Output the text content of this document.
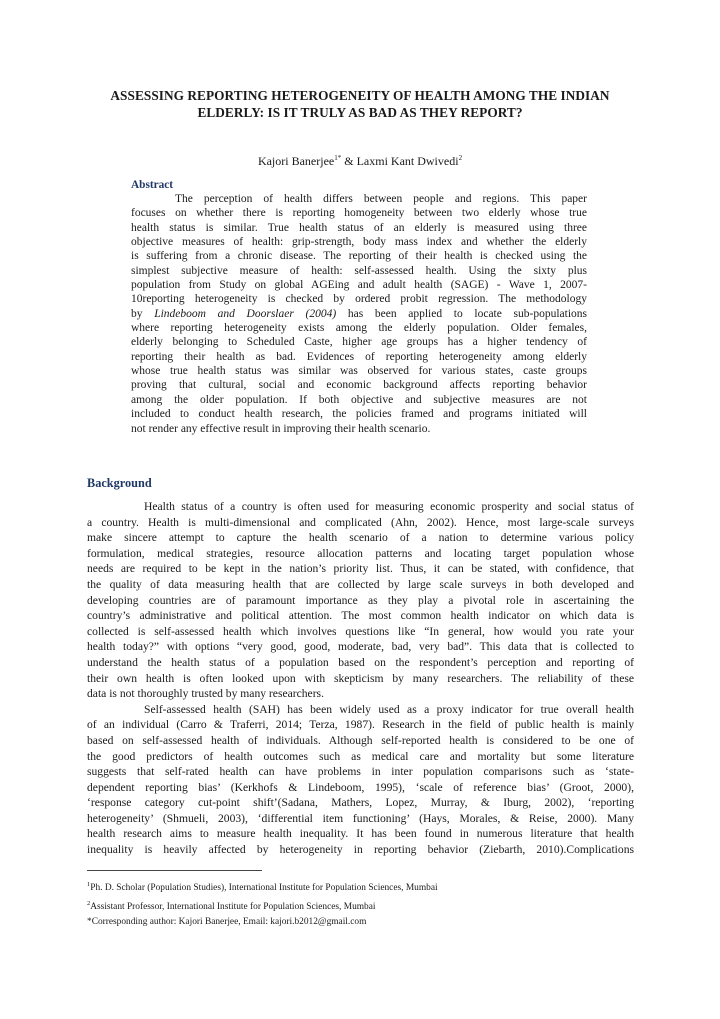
ASSESSING REPORTING HETEROGENEITY OF HEALTH AMONG THE INDIAN
ELDERLY: IS IT TRULY AS BAD AS THEY REPORT?
Kajori Banerjee$^{1*}$ & Laxmi Kant Dwivedi$^2$
Abstract
The perception of health differs between people and regions. This paper
focuses on whether there is reporting homogeneity between two elderly whose true
health status is similar. True health status of an elderly is measured using three
objective measures of health: grip-strength, body mass index and whether the elderly
is suffering from a chronic disease. The reporting of their health is checked using the
simplest subjective measure of health: self-assessed health. Using the sixty plus
population from Study on global AGEing and adult health (SAGE) - Wave 1, 2007-
10reporting heterogeneity is checked by ordered probit regression. The methodology
by Lindeboom and Doorslaer (2004) has been applied to locate sub-populations
where reporting heterogeneity exists among the elderly population. Older females,
elderly belonging to Scheduled Caste, higher age groups has a higher tendency of
reporting their health as bad. Evidences of reporting heterogeneity among elderly
whose true health status was similar was observed for various states, caste groups
proving that cultural, social and economic background affects reporting behavior
among the older population. If both objective and subjective measures are not
included to conduct health research, the policies framed and programs initiated will
not render any effective result in improving their health scenario.
Background
Health status of a country is often used for measuring economic prosperity and social status of
a country. Health is multi-dimensional and complicated (Ahn, 2002). Hence, most large-scale surveys
make sincere attempt to capture the health scenario of a nation to determine various policy
formulation, medical strategies, resource allocation patterns and locating target population whose
needs are required to be kept in the nation’s priority list. Thus, it can be stated, with confidence, that
the quality of data measuring health that are collected by large scale surveys in both developed and
developing countries are of paramount importance as they play a pivotal role in ascertaining the
country’s administrative and political attention. The most common health indicator on which data is
collected is self-assessed health which involves questions like “In general, how would you rate your
health today?” with options “very good, good, moderate, bad, very bad”. This data that is collected to
understand the health status of a population based on the respondent’s perception and reporting of
their own health is often looked upon with skepticism by many researchers. The reliability of these
data is not thoroughly trusted by many researchers.
Self-assessed health (SAH) has been widely used as a proxy indicator for true overall health
of an individual (Carro & Traferri, 2014; Terza, 1987). Research in the field of public health is mainly
based on self-assessed health of individuals. Although self-reported health is considered to be one of
the good predictors of health outcomes such as medical care and mortality but some literature
suggests that self-rated health can have problems in inter population comparisons such as ‘state-
dependent reporting bias’ (Kerkhofs & Lindeboom, 1995), ‘scale of reference bias’ (Groot, 2000),
‘response category cut-point shift’(Sadana, Mathers, Lopez, Murray, & Iburg, 2002), ‘reporting
heterogeneity’ (Shmueli, 2003), ‘differential item functioning’ (Hays, Morales, & Reise, 2000). Many
health research aims to measure health inequality. It has been found in numerous literature that health
inequality is heavily affected by heterogeneity in reporting behavior (Ziebarth, 2010).Complications
$^1$Ph. D. Scholar (Population Studies), International Institute for Population Sciences, Mumbai
$^2$Assistant Professor, International Institute for Population Sciences, Mumbai
*Corresponding author: Kajori Banerjee, Email: kajori.b2012@gmail.com
